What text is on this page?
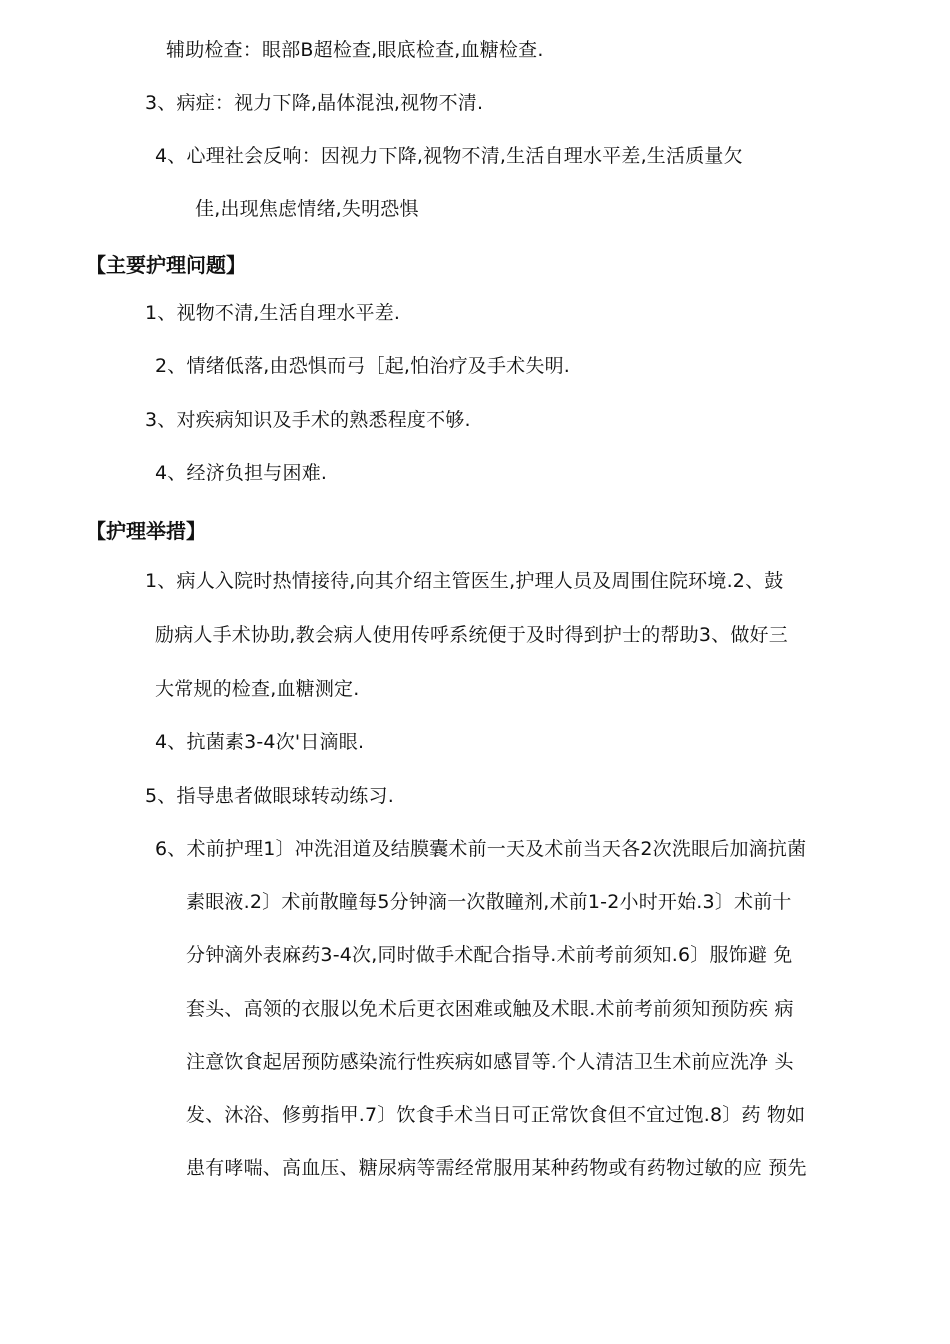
辅助检查：眼部B超检查,眼底检查,血糖检查.
3、病症：视力下降,晶体混浊,视物不清.
4、心理社会反响：因视力下降,视物不清,生活自理水平差,生活质量欠
佳,出现焦虑情绪,失明恐惧
【主要护理问题】
1、视物不清,生活自理水平差.
2、情绪低落,由恐惧而弓［起,怕治疗及手术失明.
3、对疾病知识及手术的熟悉程度不够.
4、经济负担与困难.
【护理举措】
1、病人入院时热情接待,向其介绍主管医生,护理人员及周围住院环境.2、鼓
励病人手术协助,教会病人使用传呼系统便于及时得到护士的帮助3、做好三
大常规的检查,血糖测定.
4、抗菌素3-4次'日滴眼.
5、指导患者做眼球转动练习.
6、术前护理1〕冲洗泪道及结膜囊术前一天及术前当天各2次洗眼后加滴抗菌
素眼液.2〕术前散瞳每5分钟滴一次散瞳剂,术前1-2小时开始.3〕术前十
分钟滴外表麻药3-4次,同时做手术配合指导.术前考前须知.6〕服饰避 免
套头、高领的衣服以免术后更衣困难或触及术眼.术前考前须知预防疾 病
注意饮食起居预防感染流行性疾病如感冒等.个人清洁卫生术前应洗净 头
发、沐浴、修剪指甲.7〕饮食手术当日可正常饮食但不宜过饱.8〕药 物如
患有哮喘、高血压、糖尿病等需经常服用某种药物或有药物过敏的应 预先
